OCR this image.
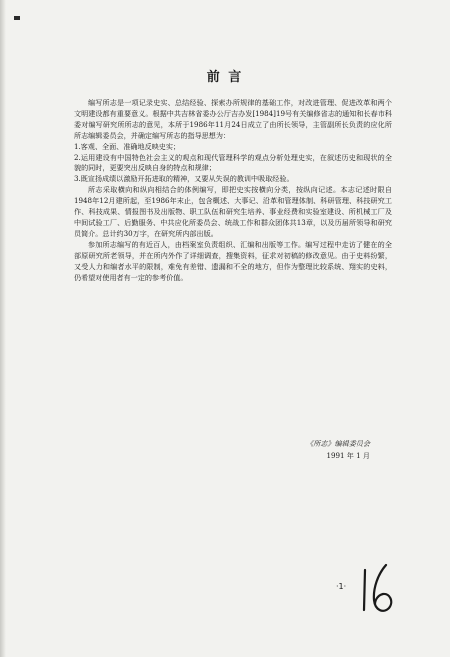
前 言

编写所志是一项记录史实、总结经验、探索办所规律的基础工作，对改进管理、促进改革和两个文明建设都有重要意义。根据中共吉林省委办公厅吉办发[1984]19号有关编修省志的通知和长春市科委对编写研究所所志的意见，本所于1986年11月24日成立了由所长领导，主管副所长负责的应化所所志编辑委员会，并确定编写所志的指导思想为：

1.客观、全面、准确地反映史实；

2.运用建设有中国特色社会主义的观点和现代管理科学的观点分析处理史实，在叙述历史和现状的全貌的同时，更要突出反映自身的特点和规律；

3.既宣扬成绩以激励开拓进取的精神，又要从失误的教训中吸取经验。

所志采取横向和纵向相结合的体例编写，即把史实按横向分类，按纵向记述。本志记述时限自1948年12月建所起，至1986年末止，包含概述、大事记、沿革和管理体制、科研管理、科技研究工作、科技成果、情报图书及出版物、职工队伍和研究生培养、事业经费和实验室建设、所机械工厂及中间试验工厂、后勤服务、中共应化所委员会、统战工作和群众团体共13章，以及历届所领导和研究员简介。总计约30万字，在研究所内部出版。

参加所志编写的有近百人，由档案室负责组织、汇编和出版等工作。编写过程中走访了健在的全部原研究所老领导，并在所内外作了详细调查，搜集资料，征求对初稿的修改意见。由于史料纷繁，又受人力和编者水平的限制，难免有差错、遗漏和不全的地方，但作为整理比较系统、翔实的史料，仍希望对使用者有一定的参考价值。

《所志》编辑委员会
1991 年 1 月
·1·
